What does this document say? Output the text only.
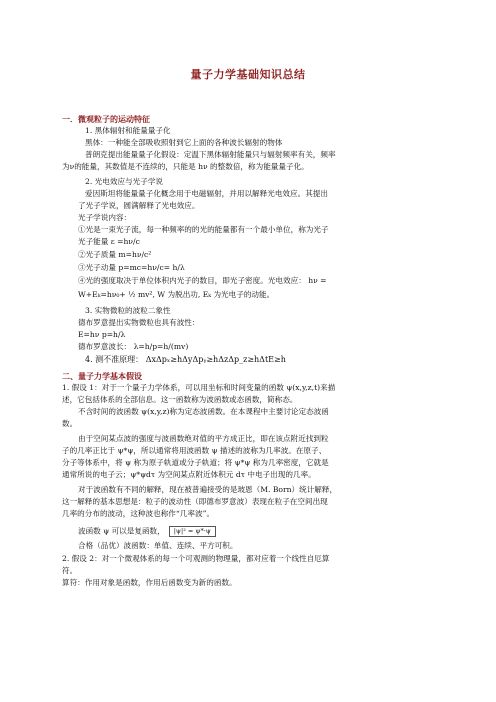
量子力学基础知识总结
一．微观粒子的运动特征
1. 黑体辐射和能量量子化
黑体：一种能全部吸收照射到它上面的各种波长辐射的物体
普朗克提出能量量子化假设：定温下黑体辐射能量只与辐射频率有关，频率
为ν的能量，其数值是不连续的，只能是 hν 的整数倍，称为能量量子化。
2. 光电效应与光子学说
爱因斯坦将能量量子化概念用于电磁辐射，并用以解释光电效应。其提出
了光子学说，圆满解释了光电效应。
光子学说内容：
①光是一束光子流，每一种频率的的光的能量都有一个最小单位，称为光子
光子能量 ε =hν/c
②光子质量 m=hν/c²
③光子动量 p=mc=hν/c= h/λ
④光的强度取决于单位体积内光子的数目，即光子密度。光电效应： hν =
W+Eₖ=hν₀+ ½ mv², W 为脱出功, Eₖ 为光电子的动能。
3. 实物微粒的波粒二象性
德布罗意提出实物微粒也具有波性：
E=hν p=h/λ
德布罗意波长： λ=h/p=h/(mv)
4. 测不准原理： ΔxΔpₓ≥hΔyΔpᵧ≥hΔzΔp_z≥hΔtE≥h
二、量子力学基本假设
1. 假设 1：对于一个量子力学体系，可以用坐标和时间变量的函数 ψ(x,y,z,t)来描
述，它包括体系的全部信息。这一函数称为波函数或态函数，简称态。
不含时间的波函数 ψ(x,y,z)称为定态波函数。在本课程中主要讨论定态波函
数。
由于空间某点波的强度与波函数绝对值的平方成正比，即在该点附近找到粒
子的几率正比于 ψ*ψ，所以通常将用波函数 ψ 描述的波称为几率波。在原子、
分子等体系中，将 ψ 称为原子轨道或分子轨道；将 ψ*ψ 称为几率密度，它就是
通常所说的电子云；ψ*ψdτ 为空间某点附近体积元 dτ 中电子出现的几率。
对于波函数有不同的解释，现在被普遍接受的是玻恩（M. Born）统计解释，
这一解释的基本思想是：粒子的波动性（即德布罗意波）表现在粒子在空间出现
几率的分布的波动，这种波也称作“几率波”。
波函数 ψ 可以是复函数， |ψ|² = ψ*·ψ
合格（品优）波函数：单值、连续、平方可积。
2. 假设 2：对一个微观体系的每一个可观测的物理量，都对应着一个线性自厄算
符。
算符：作用对象是函数，作用后函数变为新的函数。
